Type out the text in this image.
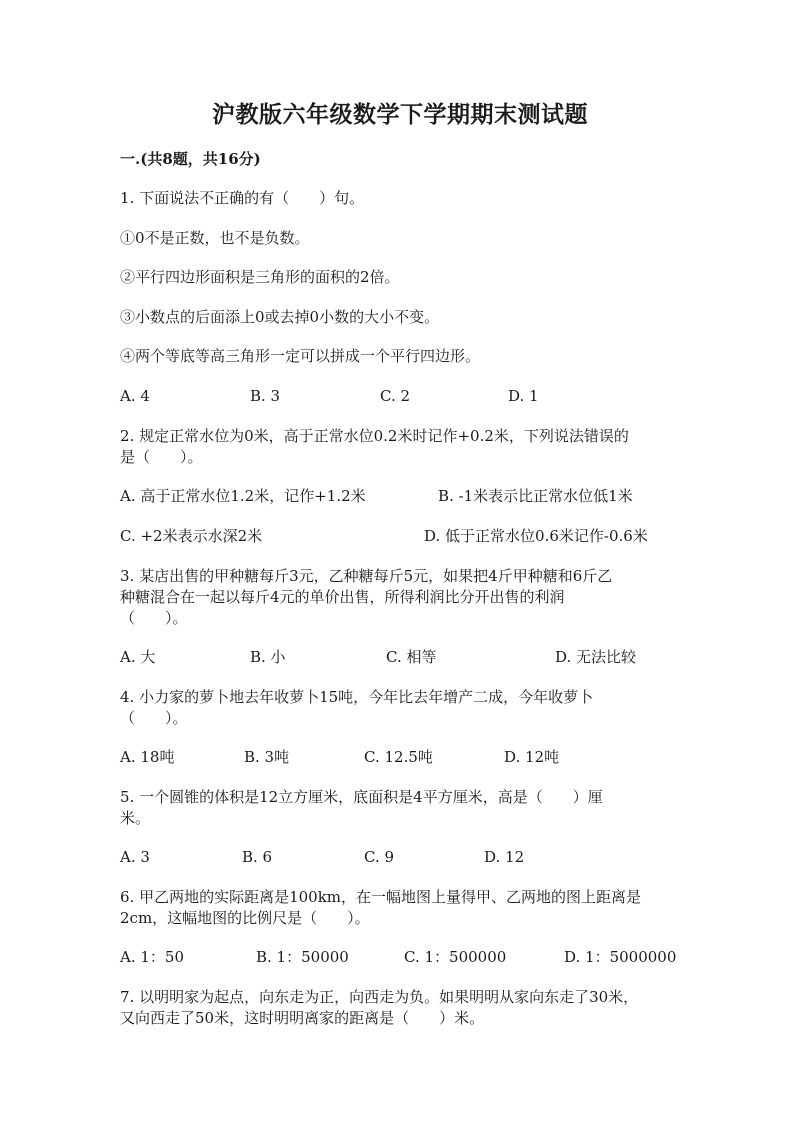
沪教版六年级数学下学期期末测试题
一.(共8题，共16分)
1. 下面说法不正确的有（　　）句。
①0不是正数，也不是负数。
②平行四边形面积是三角形的面积的2倍。
③小数点的后面添上0或去掉0小数的大小不变。
④两个等底等高三角形一定可以拼成一个平行四边形。
A. 4	B. 3	C. 2	D. 1
2. 规定正常水位为0米，高于正常水位0.2米时记作+0.2米，下列说法错误的
是（　　）。
A. 高于正常水位1.2米，记作+1.2米	B. -1米表示比正常水位低1米
C. +2米表示水深2米	D. 低于正常水位0.6米记作-0.6米
3. 某店出售的甲种糖每斤3元，乙种糖每斤5元，如果把4斤甲种糖和6斤乙
种糖混合在一起以每斤4元的单价出售，所得利润比分开出售的利润
（　　）。
A. 大	B. 小	C. 相等	D. 无法比较
4. 小力家的萝卜地去年收萝卜15吨，今年比去年增产二成，今年收萝卜
（　　）。
A. 18吨	B. 3吨	C. 12.5吨	D. 12吨
5. 一个圆锥的体积是12立方厘米，底面积是4平方厘米，高是（　　）厘
米。
A. 3	B. 6	C. 9	D. 12
6. 甲乙两地的实际距离是100km，在一幅地图上量得甲、乙两地的图上距离是
2cm，这幅地图的比例尺是（　　）。
A. 1：50	B. 1：50000	C. 1：500000	D. 1：5000000
7. 以明明家为起点，向东走为正，向西走为负。如果明明从家向东走了30米，
又向西走了50米，这时明明离家的距离是（　　）米。
